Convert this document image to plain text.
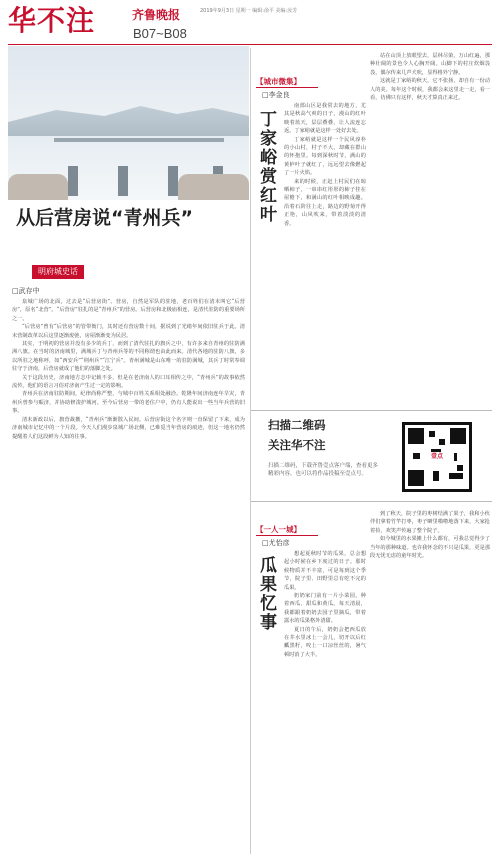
华不注	齐鲁晚报	2019年9月3日 星期一 编辑:俞平 美编:汝芳
B07~B08
从后营房说“青州兵”
明府城史话
□武存中

泉城广场的北面，过去是“后营房街”。营房，自然是军队的驻地，老百姓们在清末叫它“后营房”，原名“北营”。“后营房”驻扎的是“青州兵”的营房。后营房和北极庙相连，是清代驻防的重要场所之一。

“后营房”曾有“后营房”的管带衙门，其时还有营房数十间，据说到了光绪年间依旧驻兵于此。清末营制改革以后这里逐渐废弛，房屋渐渐变为民居。

其实，于明初的营房并没有多少的兵丁，而到了清代驻扎的旗兵之中，有许多来自青州的驻防满洲八旗。在当时的济南城里，满城兵丁与青州兵等的不同称谓也由此而来。清代各地的驻防八旗，多以所驻之地称呼，如“西安兵”“荆州兵”“江宁兵”。青州满城是山东唯一的驻防满城，其兵丁时常奉调驻守于济南，后营房就成了他们的落脚之处。

关于这段历史，济南地方志中记载不多，但是在老济南人的口耳相传之中，“青州兵”的故事依然流传，他们的语言习俗对济南产生过一定的影响。

青州兵在济南驻防期间，纪律尚称严整，与城中百姓关系相处融洽。乾隆年间济南连年旱灾，青州兵曾参与赈济，并协助修浚护城河。至今后营房一带的老住户中，仍有人能说出一些当年兵营的旧事。

清末新政以后，旗营裁撤，“青州兵”渐渐散入民间。后营房街这个名字则一直保留了下来，成为济南城市记忆中的一个片段。今天人们漫步泉城广场北侧，已难觅当年营房的痕迹，但这一地名仍然提醒着人们这段鲜为人知的往事。

【城市微集】
□李金良
丁家峪赏红叶

南部山区是我常去的地方，尤其是秋高气爽的日子，漫山的红叶映着蓝天，层层叠叠，让人流连忘返。丁家峪就是这样一处好去处。

丁家峪就是这样一个民风淳朴的小山村，村子不大，却藏在群山的怀抱里。每到深秋时节，满山的黄栌叶子就红了，远远望去像燃起了一片火焰。

来的时候，正赶上村民们在晾晒柿子，一串串红彤彤的柿子挂在屋檐下，和满山的红叶相映成趣。沿着石阶往上走，路边的野菊开得正艳，山风吹来，带着淡淡的清香。

站在山顶上放眼望去，层林尽染，万山红遍，那种壮阔的景色令人心胸开阔。山脚下的村庄炊烟袅袅，偶尔传来几声犬吠，显得格外宁静。

这就是丁家峪的秋天，它不张扬，却自有一份动人的美。每年这个时候，我都会来这里走一走，看一看，仿佛只有这样，秋天才算真正来过。

扫描二维码
关注华不注
扫描二维码，下载齐鲁壹点客户端，查看更多精彩内容，也可以将作品投稿至壹点号。
壹点
【一人一城】
□尤怡彦
瓜果忆事

想起夏秋时节的瓜果，总会想起小时候在乡下度过的日子。那时候物质并不丰富，可是每到这个季节，院子里、田野里总有吃不完的瓜果。

奶奶家门前有一片小菜园，种着西瓜、甜瓜和黄瓜。每天清晨，我都跟着奶奶去园子里摘瓜，带着露水的瓜果格外清甜。

夏日的午后，奶奶会把西瓜放在井水里冰上一会儿，切开以后红瓤黑籽，咬上一口凉丝丝的，暑气顿时消了大半。

到了秋天，院子里的枣树结满了果子，我和小伙伴们拿着竹竿打枣，枣子噼里啪啦地落下来，大家抢着捡，欢笑声传遍了整个院子。

如今城里的水果摊上什么都有，可我总觉得少了当年的那种味道。也许我怀念的不只是瓜果，更是那段无忧无虑的童年时光。
